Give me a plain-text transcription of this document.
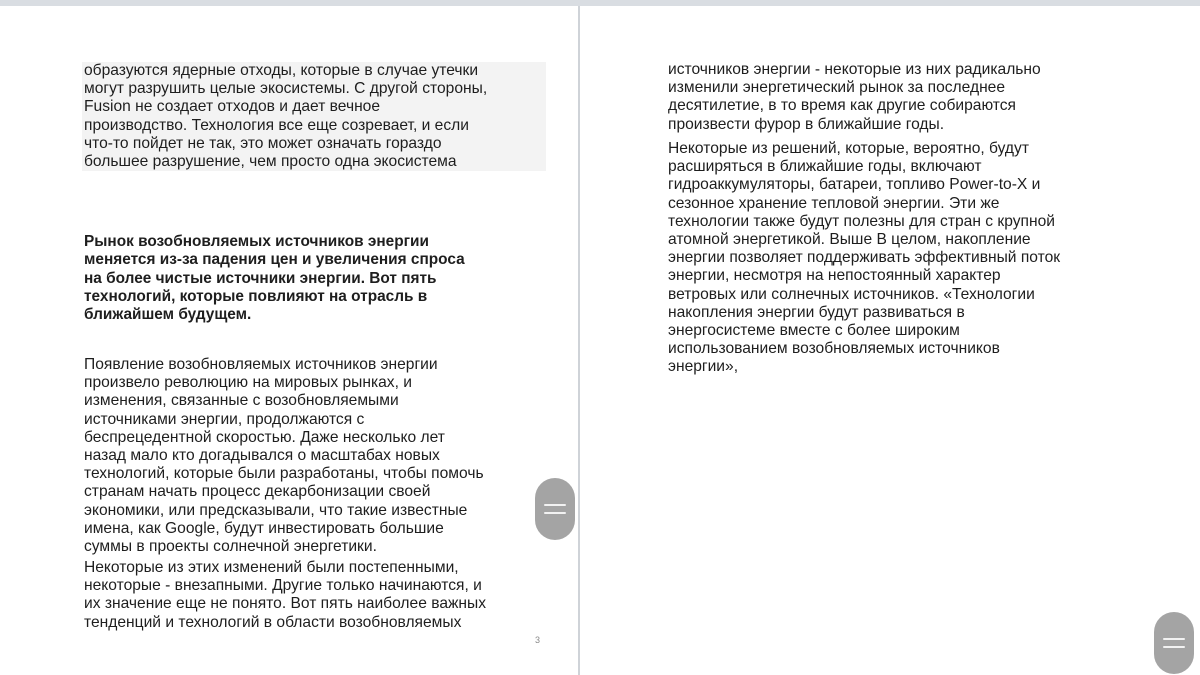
образуются ядерные отходы, которые в случае утечки
могут разрушить целые экосистемы. С другой стороны,
Fusion не создает отходов и дает вечное
производство. Технология все еще созревает, и если
что-то пойдет не так, это может означать гораздо
большее разрушение, чем просто одна экосистема

Рынок возобновляемых источников энергии
меняется из-за падения цен и увеличения спроса
на более чистые источники энергии. Вот пять
технологий, которые повлияют на отрасль в
ближайшем будущем.

Появление возобновляемых источников энергии
произвело революцию на мировых рынках, и
изменения, связанные с возобновляемыми
источниками энергии, продолжаются с
беспрецедентной скоростью. Даже несколько лет
назад мало кто догадывался о масштабах новых
технологий, которые были разработаны, чтобы помочь
странам начать процесс декарбонизации своей
экономики, или предсказывали, что такие известные
имена, как Google, будут инвестировать большие
суммы в проекты солнечной энергетики.

Некоторые из этих изменений были постепенными,
некоторые - внезапными. Другие только начинаются, и
их значение еще не понято. Вот пять наиболее важных
тенденций и технологий в области возобновляемых

3

источников энергии - некоторые из них радикально
изменили энергетический рынок за последнее
десятилетие, в то время как другие собираются
произвести фурор в ближайшие годы.

Некоторые из решений, которые, вероятно, будут
расширяться в ближайшие годы, включают
гидроаккумуляторы, батареи, топливо Power-to-X и
сезонное хранение тепловой энергии. Эти же
технологии также будут полезны для стран с крупной
атомной энергетикой. Выше В целом, накопление
энергии позволяет поддерживать эффективный поток
энергии, несмотря на непостоянный характер
ветровых или солнечных источников. «Технологии
накопления энергии будут развиваться в
энергосистеме вместе с более широким
использованием возобновляемых источников
энергии»,
